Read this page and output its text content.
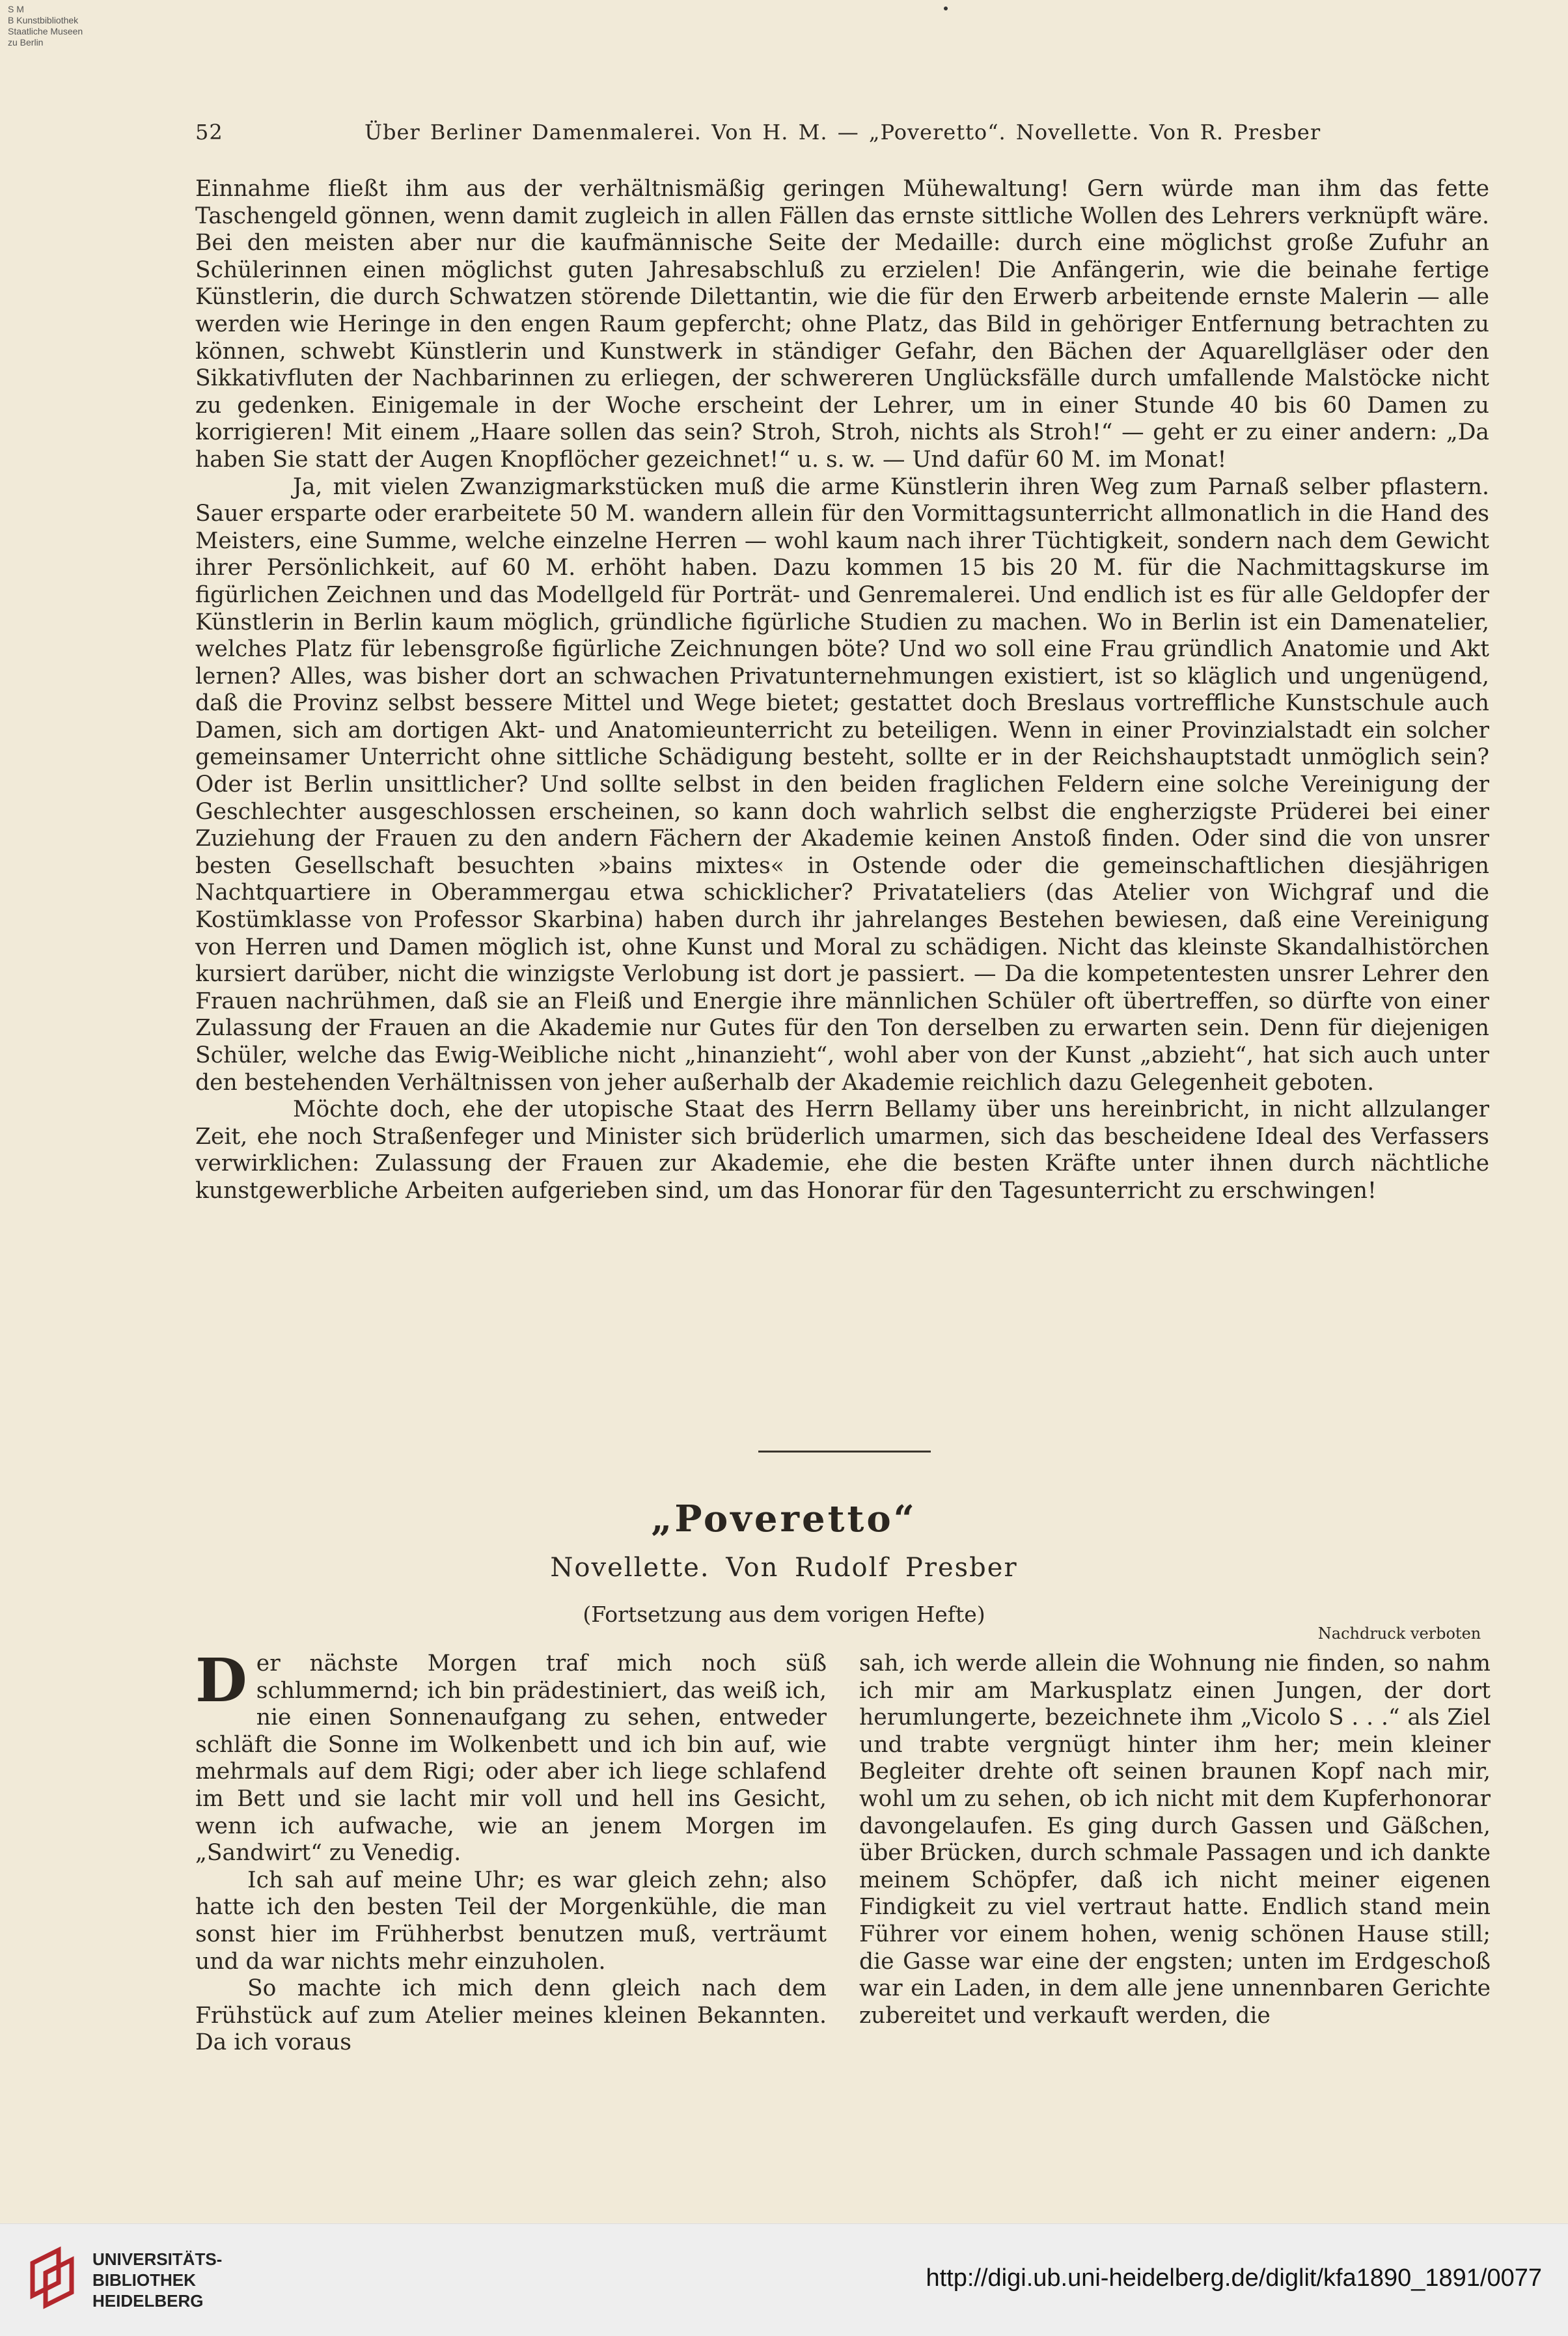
S M
B Kunstbibliothek
Staatliche Museen
zu Berlin
52	Über Berliner Damenmalerei. Von H. M. — „Poveretto“. Novellette. Von R. Presber

Einnahme fließt ihm aus der verhältnismäßig geringen Mühewaltung! Gern würde man ihm das fette Taschengeld gönnen, wenn damit zugleich in allen Fällen das ernste sittliche Wollen des Lehrers verknüpft wäre. Bei den meisten aber nur die kaufmännische Seite der Medaille: durch eine möglichst große Zufuhr an Schülerinnen einen möglichst guten Jahresabschluß zu erzielen! Die Anfängerin, wie die beinahe fertige Künstlerin, die durch Schwatzen störende Dilettantin, wie die für den Erwerb arbeitende ernste Malerin — alle werden wie Heringe in den engen Raum gepfercht; ohne Platz, das Bild in gehöriger Entfernung betrachten zu können, schwebt Künstlerin und Kunstwerk in ständiger Gefahr, den Bächen der Aquarellgläser oder den Sikkativfluten der Nachbarinnen zu erliegen, der schwereren Unglücksfälle durch umfallende Malstöcke nicht zu gedenken. Einigemale in der Woche erscheint der Lehrer, um in einer Stunde 40 bis 60 Damen zu korrigieren! Mit einem „Haare sollen das sein? Stroh, Stroh, nichts als Stroh!“ — geht er zu einer andern: „Da haben Sie statt der Augen Knopflöcher gezeichnet!“ u. s. w. — Und dafür 60 M. im Monat!

Ja, mit vielen Zwanzigmarkstücken muß die arme Künstlerin ihren Weg zum Parnaß selber pflastern. Sauer ersparte oder erarbeitete 50 M. wandern allein für den Vormittagsunterricht allmonatlich in die Hand des Meisters, eine Summe, welche einzelne Herren — wohl kaum nach ihrer Tüchtigkeit, sondern nach dem Gewicht ihrer Persönlichkeit, auf 60 M. erhöht haben. Dazu kommen 15 bis 20 M. für die Nachmittagskurse im figürlichen Zeichnen und das Modellgeld für Porträt- und Genremalerei. Und endlich ist es für alle Geldopfer der Künstlerin in Berlin kaum möglich, gründliche figürliche Studien zu machen. Wo in Berlin ist ein Damenatelier, welches Platz für lebensgroße figürliche Zeichnungen böte? Und wo soll eine Frau gründlich Anatomie und Akt lernen? Alles, was bisher dort an schwachen Privatunternehmungen existiert, ist so kläglich und ungenügend, daß die Provinz selbst bessere Mittel und Wege bietet; gestattet doch Breslaus vortreffliche Kunstschule auch Damen, sich am dortigen Akt- und Anatomieunterricht zu beteiligen. Wenn in einer Provinzialstadt ein solcher gemeinsamer Unterricht ohne sittliche Schädigung besteht, sollte er in der Reichshauptstadt unmöglich sein? Oder ist Berlin unsittlicher? Und sollte selbst in den beiden fraglichen Feldern eine solche Vereinigung der Geschlechter ausgeschlossen erscheinen, so kann doch wahrlich selbst die engherzigste Prüderei bei einer Zuziehung der Frauen zu den andern Fächern der Akademie keinen Anstoß finden. Oder sind die von unsrer besten Gesellschaft besuchten »bains mixtes« in Ostende oder die gemeinschaftlichen diesjährigen Nachtquartiere in Oberammergau etwa schicklicher? Privatateliers (das Atelier von Wichgraf und die Kostümklasse von Professor Skarbina) haben durch ihr jahrelanges Bestehen bewiesen, daß eine Vereinigung von Herren und Damen möglich ist, ohne Kunst und Moral zu schädigen. Nicht das kleinste Skandalhistörchen kursiert darüber, nicht die winzigste Verlobung ist dort je passiert. — Da die kompetentesten unsrer Lehrer den Frauen nachrühmen, daß sie an Fleiß und Energie ihre männlichen Schüler oft übertreffen, so dürfte von einer Zulassung der Frauen an die Akademie nur Gutes für den Ton derselben zu erwarten sein. Denn für diejenigen Schüler, welche das Ewig-Weibliche nicht „hinanzieht“, wohl aber von der Kunst „abzieht“, hat sich auch unter den bestehenden Verhältnissen von jeher außerhalb der Akademie reichlich dazu Gelegenheit geboten.

Möchte doch, ehe der utopische Staat des Herrn Bellamy über uns hereinbricht, in nicht allzulanger Zeit, ehe noch Straßenfeger und Minister sich brüderlich umarmen, sich das bescheidene Ideal des Verfassers verwirklichen: Zulassung der Frauen zur Akademie, ehe die besten Kräfte unter ihnen durch nächtliche kunstgewerbliche Arbeiten aufgerieben sind, um das Honorar für den Tagesunterricht zu erschwingen!

„Poveretto“
Novellette. Von Rudolf Presber
(Fortsetzung aus dem vorigen Hefte)
Nachdruck verboten

Der nächste Morgen traf mich noch süß schlummernd; ich bin prädestiniert, das weiß ich, nie einen Sonnenaufgang zu sehen, entweder schläft die Sonne im Wolkenbett und ich bin auf, wie mehrmals auf dem Rigi; oder aber ich liege schlafend im Bett und sie lacht mir voll und hell ins Gesicht, wenn ich aufwache, wie an jenem Morgen im „Sandwirt“ zu Venedig.

Ich sah auf meine Uhr; es war gleich zehn; also hatte ich den besten Teil der Morgenkühle, die man sonst hier im Frühherbst benutzen muß, verträumt und da war nichts mehr einzuholen.

So machte ich mich denn gleich nach dem Frühstück auf zum Atelier meines kleinen Bekannten. Da ich voraus

sah, ich werde allein die Wohnung nie finden, so nahm ich mir am Markusplatz einen Jungen, der dort herumlungerte, bezeichnete ihm „Vicolo S . . .“ als Ziel und trabte vergnügt hinter ihm her; mein kleiner Begleiter drehte oft seinen braunen Kopf nach mir, wohl um zu sehen, ob ich nicht mit dem Kupferhonorar davongelaufen. Es ging durch Gassen und Gäßchen, über Brücken, durch schmale Passagen und ich dankte meinem Schöpfer, daß ich nicht meiner eigenen Findigkeit zu viel vertraut hatte. Endlich stand mein Führer vor einem hohen, wenig schönen Hause still; die Gasse war eine der engsten; unten im Erdgeschoß war ein Laden, in dem alle jene unnennbaren Gerichte zubereitet und verkauft werden, die

UNIVERSITÄTS-
BIBLIOTHEK
HEIDELBERG
http://digi.ub.uni-heidelberg.de/diglit/kfa1890_1891/0077
